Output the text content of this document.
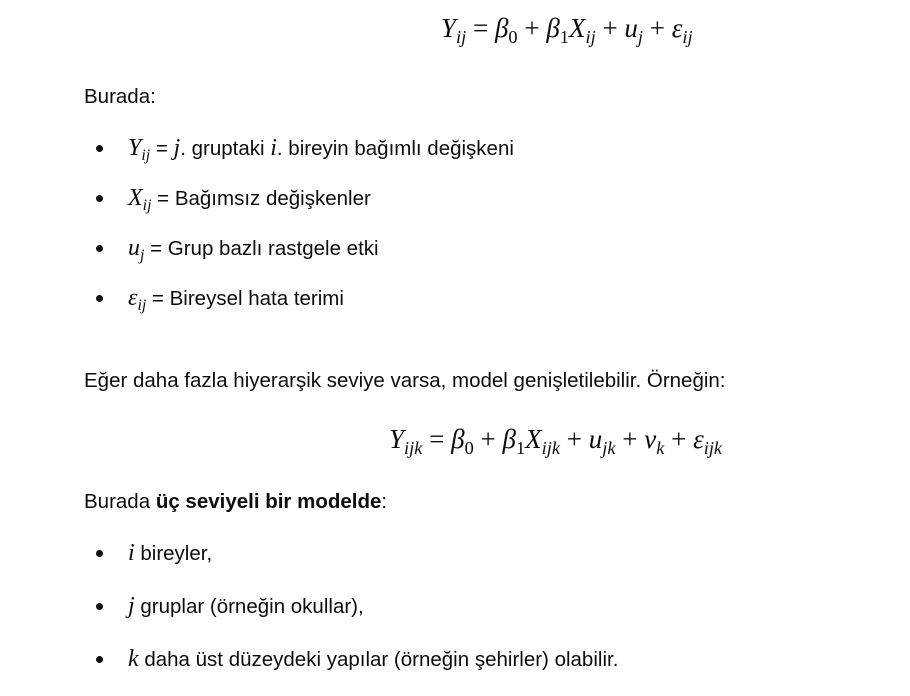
$Y_{ij} = \beta_0 + \beta_1X_{ij} + u_j + \varepsilon_{ij}$
Burada:
$Y_{ij} = j$. gruptaki i. bireyin bağımlı değişkeni
$X_{ij}$ = Bağımsız değişkenler
$u_j$ = Grup bazlı rastgele etki
$\varepsilon_{ij}$ = Bireysel hata terimi
Eğer daha fazla hiyerarşik seviye varsa, model genişletilebilir. Örneğin:
$Y_{ijk} = \beta_0 + \beta_1X_{ijk} + u_{jk} + v_k + \varepsilon_{ijk}$
Burada üç seviyeli bir modelde:
i bireyler,
j gruplar (örneğin okullar),
k daha üst düzeydeki yapılar (örneğin şehirler) olabilir.
